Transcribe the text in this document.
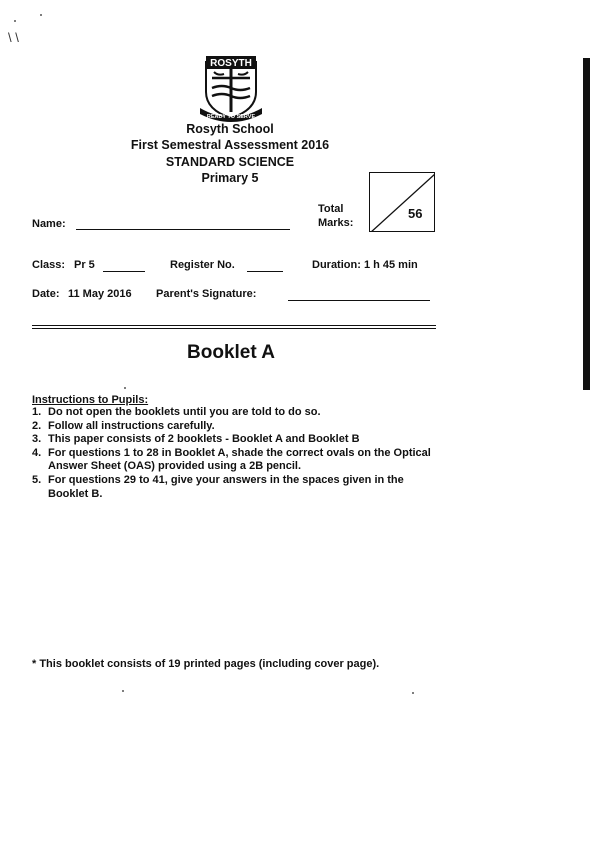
\ \
ROSYTH
READY TO SERVE
Rosyth School
First Semestral Assessment 2016
STANDARD SCIENCE
Primary 5
Name:
Total
Marks:
56
Class: Pr 5	Register No.	Duration: 1 h 45 min
Date: 11 May 2016 Parent's Signature:
Booklet A
Instructions to Pupils:
1. Do not open the booklets until you are told to do so.
2. Follow all instructions carefully.
3. This paper consists of 2 booklets - Booklet A and Booklet B
4. For questions 1 to 28 in Booklet A, shade the correct ovals on the Optical Answer Sheet (OAS) provided using a 2B pencil.
5. For questions 29 to 41, give your answers in the spaces given in the Booklet B.
* This booklet consists of 19 printed pages (including cover page).
